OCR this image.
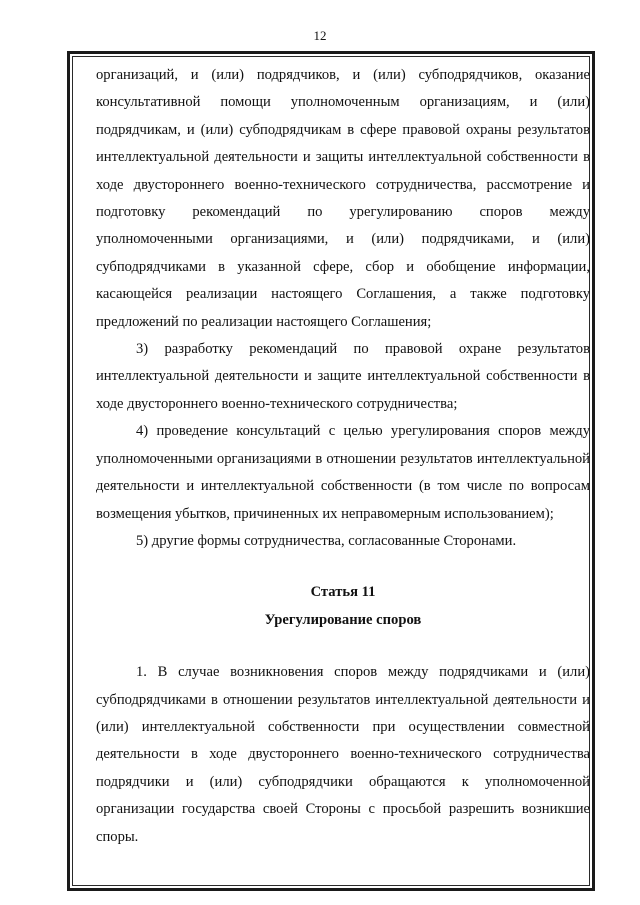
12

организаций, и (или) подрядчиков, и (или) субподрядчиков, оказание консультативной помощи уполномоченным организациям, и (или) подрядчикам, и (или) субподрядчикам в сфере правовой охраны результатов интеллектуальной деятельности и защиты интеллектуальной собственности в ходе двустороннего военно-технического сотрудничества, рассмотрение и подготовку рекомендаций по урегулированию споров между уполномоченными организациями, и (или) подрядчиками, и (или) субподрядчиками в указанной сфере, сбор и обобщение информации, касающейся реализации настоящего Соглашения, а также подготовку предложений по реализации настоящего Соглашения;

3) разработку рекомендаций по правовой охране результатов интеллектуальной деятельности и защите интеллектуальной собственности в ходе двустороннего военно-технического сотрудничества;

4) проведение консультаций с целью урегулирования споров между уполномоченными организациями в отношении результатов интеллектуальной деятельности и интеллектуальной собственности (в том числе по вопросам возмещения убытков, причиненных их неправомерным использованием);

5) другие формы сотрудничества, согласованные Сторонами.

Статья 11

Урегулирование споров

1. В случае возникновения споров между подрядчиками и (или) субподрядчиками в отношении результатов интеллектуальной деятельности и (или) интеллектуальной собственности при осуществлении совместной деятельности в ходе двустороннего военно-технического сотрудничества подрядчики и (или) субподрядчики обращаются к уполномоченной организации государства своей Стороны с просьбой разрешить возникшие споры.
